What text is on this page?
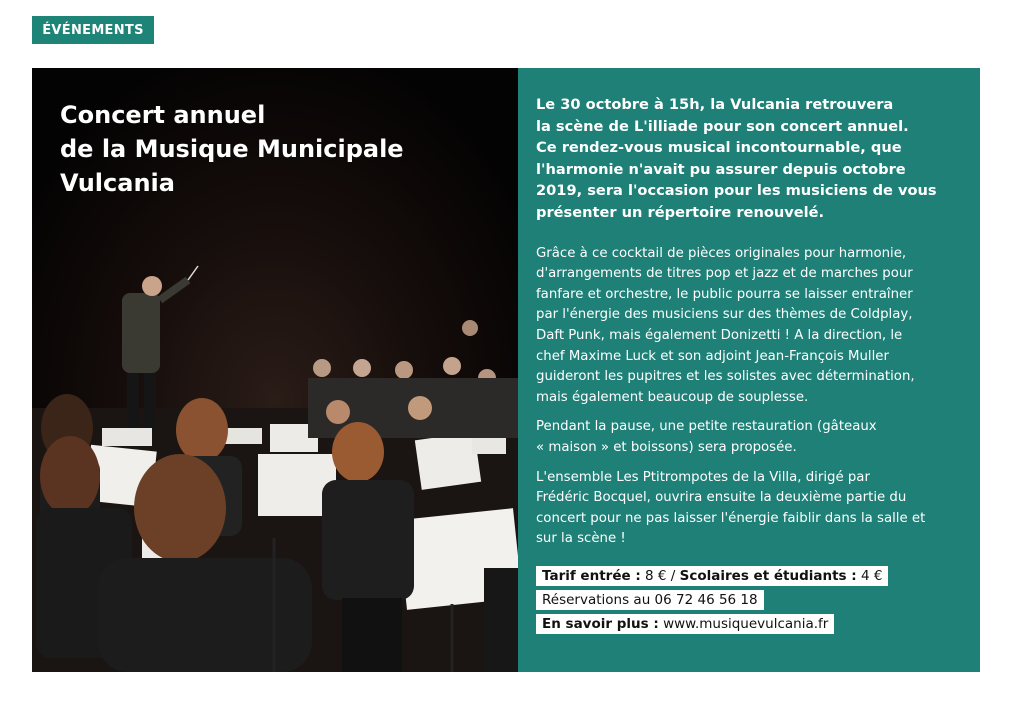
ÉVÉNEMENTS
Concert annuel
de la Musique Municipale
Vulcania

Le 30 octobre à 15h, la Vulcania retrouvera
la scène de L'illiade pour son concert annuel.
Ce rendez-vous musical incontournable, que
l'harmonie n'avait pu assurer depuis octobre
2019, sera l'occasion pour les musiciens de vous
présenter un répertoire renouvelé.

Grâce à ce cocktail de pièces originales pour harmonie,
d'arrangements de titres pop et jazz et de marches pour
fanfare et orchestre, le public pourra se laisser entraîner
par l'énergie des musiciens sur des thèmes de Coldplay,
Daft Punk, mais également Donizetti ! A la direction, le
chef Maxime Luck et son adjoint Jean-François Muller
guideront les pupitres et les solistes avec détermination,
mais également beaucoup de souplesse.

Pendant la pause, une petite restauration (gâteaux
« maison » et boissons) sera proposée.

L'ensemble Les Ptitrompotes de la Villa, dirigé par
Frédéric Bocquel, ouvrira ensuite la deuxième partie du
concert pour ne pas laisser l'énergie faiblir dans la salle et
sur la scène !

Tarif entrée : 8 € / Scolaires et étudiants : 4 €
Réservations au 06 72 46 56 18
En savoir plus : www.musiquevulcania.fr
